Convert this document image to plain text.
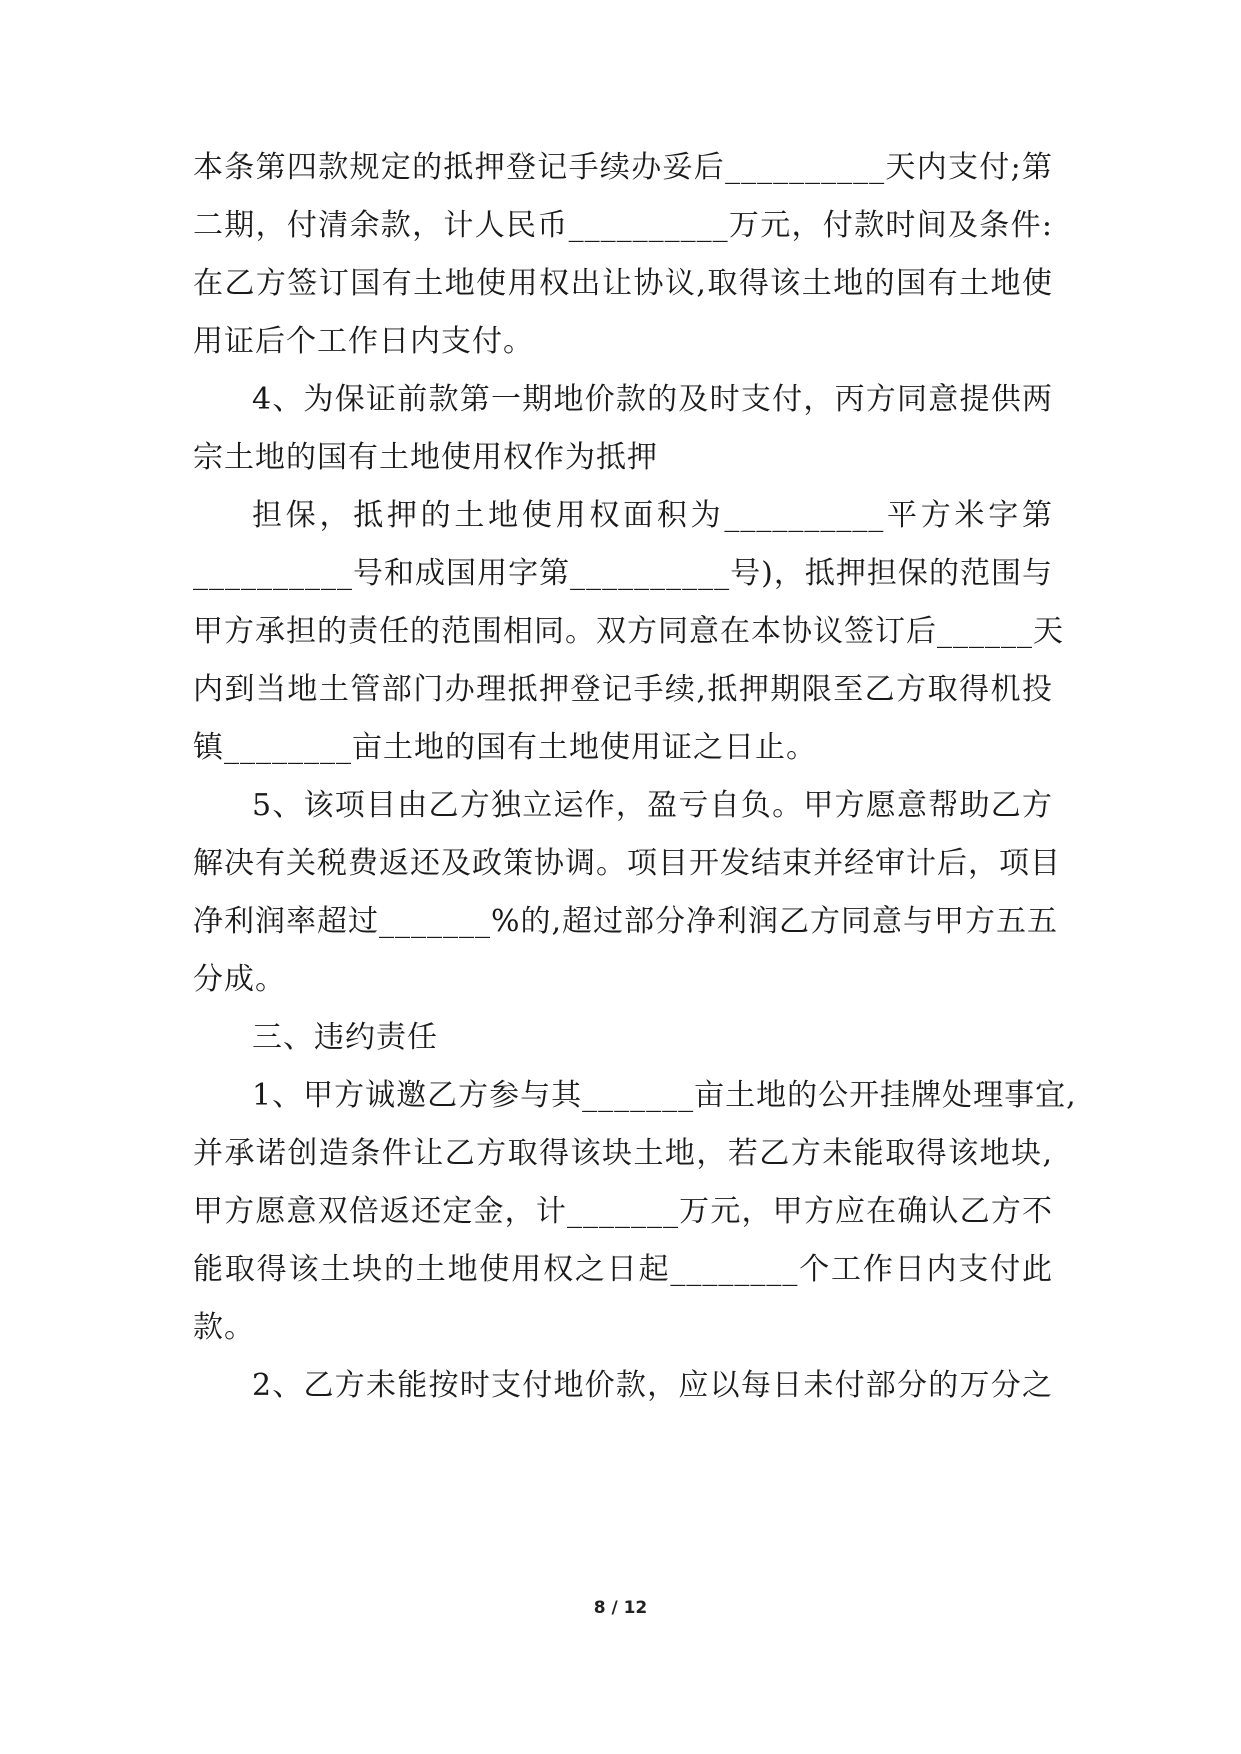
本条第四款规定的抵押登记手续办妥后__________天内支付;第
二期，付清余款，计人民币__________万元，付款时间及条件:
在乙方签订国有土地使用权出让协议,取得该土地的国有土地使
用证后个工作日内支付。
4、为保证前款第一期地价款的及时支付，丙方同意提供两
宗土地的国有土地使用权作为抵押
担保，抵押的土地使用权面积为__________平方米字第
__________号和成国用字第__________号)，抵押担保的范围与
甲方承担的责任的范围相同。双方同意在本协议签订后______天
内到当地土管部门办理抵押登记手续,抵押期限至乙方取得机投
镇________亩土地的国有土地使用证之日止。
5、该项目由乙方独立运作，盈亏自负。甲方愿意帮助乙方
解决有关税费返还及政策协调。项目开发结束并经审计后，项目
净利润率超过_______%的,超过部分净利润乙方同意与甲方五五
分成。
三、违约责任
1、甲方诚邀乙方参与其_______亩土地的公开挂牌处理事宜,
并承诺创造条件让乙方取得该块土地，若乙方未能取得该地块,
甲方愿意双倍返还定金，计_______万元，甲方应在确认乙方不
能取得该土块的土地使用权之日起________个工作日内支付此
款。
2、乙方未能按时支付地价款，应以每日未付部分的万分之
8 / 12
